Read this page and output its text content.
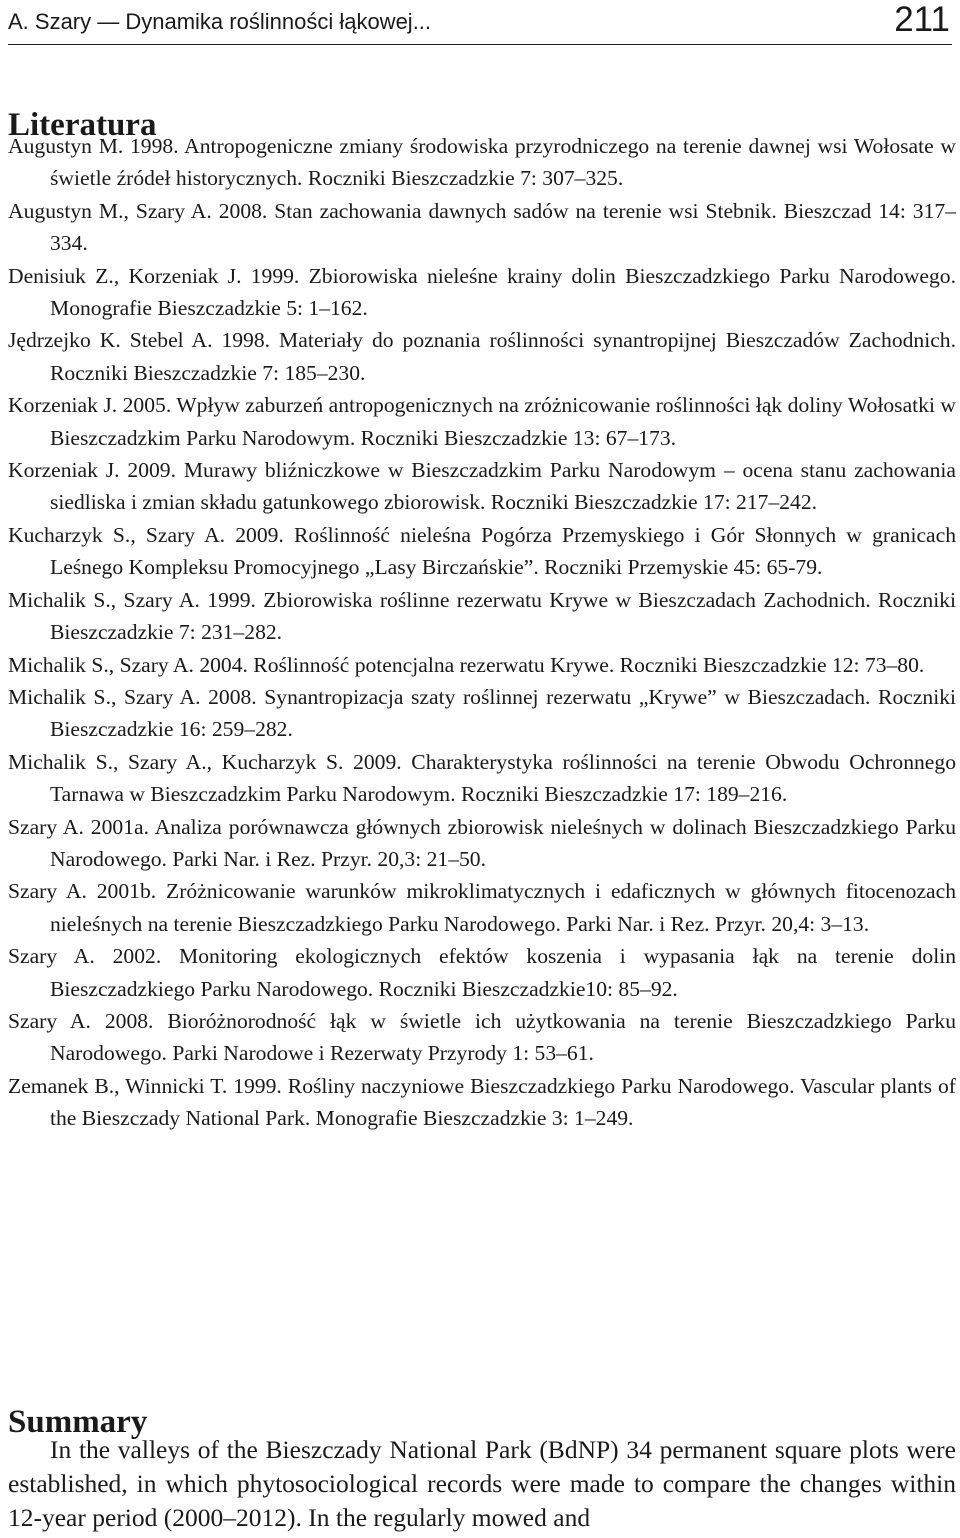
A. Szary — Dynamika roślinności łąkowej...	211
Literatura
Augustyn M. 1998. Antropogeniczne zmiany środowiska przyrodniczego na terenie dawnej wsi Wołosate w świetle źródeł historycznych. Roczniki Bieszczadzkie 7: 307–325.
Augustyn M., Szary A. 2008. Stan zachowania dawnych sadów na terenie wsi Stebnik. Bieszczad 14: 317–334.
Denisiuk Z., Korzeniak J. 1999. Zbiorowiska nieleśne krainy dolin Bieszczadzkiego Parku Narodowego. Monografie Bieszczadzkie 5: 1–162.
Jędrzejko K. Stebel A. 1998. Materiały do poznania roślinności synantropijnej Bieszczadów Zachodnich. Roczniki Bieszczadzkie 7: 185–230.
Korzeniak J. 2005. Wpływ zaburzeń antropogenicznych na zróżnicowanie roślinności łąk doliny Wołosatki w Bieszczadzkim Parku Narodowym. Roczniki Bieszczadzkie 13: 67–173.
Korzeniak J. 2009. Murawy bliźniczkowe w Bieszczadzkim Parku Narodowym – ocena stanu zachowania siedliska i zmian składu gatunkowego zbiorowisk. Roczniki Bieszczadzkie 17: 217–242.
Kucharzyk S., Szary A. 2009. Roślinność nieleśna Pogórza Przemyskiego i Gór Słonnych w granicach Leśnego Kompleksu Promocyjnego „Lasy Birczańskie”. Roczniki Przemyskie 45: 65-79.
Michalik S., Szary A. 1999. Zbiorowiska roślinne rezerwatu Krywe w Bieszczadach Zachodnich. Roczniki Bieszczadzkie 7: 231–282.
Michalik S., Szary A. 2004. Roślinność potencjalna rezerwatu Krywe. Roczniki Bieszczadzkie 12: 73–80.
Michalik S., Szary A. 2008. Synantropizacja szaty roślinnej rezerwatu „Krywe” w Bieszczadach. Roczniki Bieszczadzkie 16: 259–282.
Michalik S., Szary A., Kucharzyk S. 2009. Charakterystyka roślinności na terenie Obwodu Ochronnego Tarnawa w Bieszczadzkim Parku Narodowym. Roczniki Bieszczadzkie 17: 189–216.
Szary A. 2001a. Analiza porównawcza głównych zbiorowisk nieleśnych w dolinach Bieszczadzkiego Parku Narodowego. Parki Nar. i Rez. Przyr. 20,3: 21–50.
Szary A. 2001b. Zróżnicowanie warunków mikroklimatycznych i edaficznych w głównych fitocenozach nieleśnych na terenie Bieszczadzkiego Parku Narodowego. Parki Nar. i Rez. Przyr. 20,4: 3–13.
Szary A. 2002. Monitoring ekologicznych efektów koszenia i wypasania łąk na terenie dolin Bieszczadzkiego Parku Narodowego. Roczniki Bieszczadzkie10: 85–92.
Szary A. 2008. Bioróżnorodność łąk w świetle ich użytkowania na terenie Bieszczadzkiego Parku Narodowego. Parki Narodowe i Rezerwaty Przyrody 1: 53–61.
Zemanek B., Winnicki T. 1999. Rośliny naczyniowe Bieszczadzkiego Parku Narodowego. Vascular plants of the Bieszczady National Park. Monografie Bieszczadzkie 3: 1–249.
Summary

In the valleys of the Bieszczady National Park (BdNP) 34 permanent square plots were established, in which phytosociological records were made to compare the changes within 12-year period (2000–2012). In the regularly mowed and
